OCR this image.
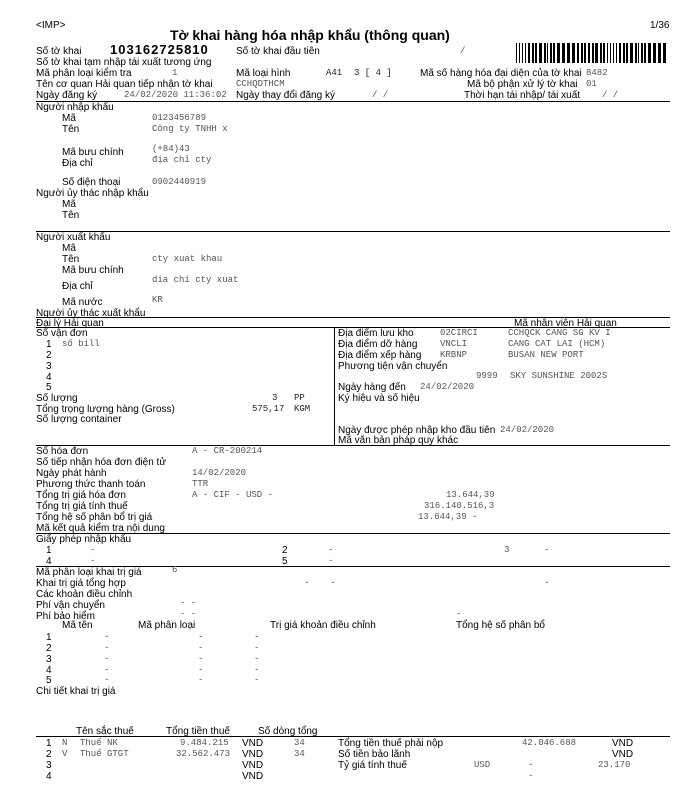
<IMP>	1/36
Tờ khai hàng hóa nhập khẩu (thông quan)
Số tờ khai 103162725810	Số tờ khai đầu tiên	/
Số tờ khai tạm nhập tái xuất tương ứng
Mã phân loại kiểm tra	1	Mã loại hình	A41 3 [ 4 ]	Mã số hàng hóa đại diện của tờ khai 8482
Tên cơ quan Hải quan tiếp nhận tờ khai	CCHQDTHCM	Mã bộ phận xử lý tờ khai 01
Ngày đăng ký	24/02/2020 11:36:02 Ngày thay đổi đăng ký	/ /	Thời hạn tái nhập/ tái xuất / /
Người nhập khẩu
Mã	0123456789
Tên	Công ty TNHH x
Mã bưu chính	(+84)43
Địa chỉ	địa chỉ cty
Số điện thoại	0902440919
Người ủy thác nhập khẩu
Mã
Tên
Người xuất khẩu
Mã
Tên	cty xuat khau
Mã bưu chính
dia chi cty xuat
Địa chỉ
Mã nước	KR
Người ủy thác xuất khẩu
Đại lý Hải quan	Mã nhân viên Hải quan
Số vận đơn
1 số bill
2
3
4
5
Địa điểm lưu kho	02CIRCI	CCHQCK CANG SG KV I
Địa điểm dỡ hàng	VNCLI	CANG CAT LAI (HCM)
Địa điểm xếp hàng KRBNP	BUSAN NEW PORT
Phương tiện vận chuyển
9999 SKY SUNSHINE 2002S
Ngày hàng đến 24/02/2020
Ký hiệu và số hiệu
Số lượng	3 PP
Tổng trọng lượng hàng (Gross)	575,17 KGM
Số lượng container
Ngày được phép nhập kho đầu tiên 24/02/2020
Mã văn bản pháp quy khác
Số hóa đơn	A - CR-200214
Số tiếp nhận hóa đơn điện tử
Ngày phát hành	14/02/2020
Phương thức thanh toán	TTR
Tổng trị giá hóa đơn	A - CIF - USD -	13.644,39
Tổng trị giá tính thuế	316.140.516,3
Tổng hệ số phân bổ trị giá	13.644,39 -
Mã kết quả kiểm tra nội dung
Giấy phép nhập khẩu
1	-	2	-	3	-
4	-	5	-
Mã phân loại khai trị giá	6
Khai trị giá tổng hợp	- -	-
Các khoản điều chỉnh
Phí vận chuyển	- -
Phí bảo hiểm	- -	-
Mã tên	Mã phân loại	Trị giá khoản điều chỉnh	Tổng hệ số phân bổ
1	-	-	-
2	-	-	-
3	-	-	-
4	-	-	-
5	-	-	-
Chi tiết khai trị giá
Tên sắc thuế	Tổng tiền thuế	Số dòng tổng
1 N Thuế NK	9.484.215 VND	34
2 V Thuế GTGT	32.562.473 VND	34
3	VND
4	VND
Tổng tiền thuế phải nộp	42.046.688	VND
Số tiền bảo lãnh	VND
Tỷ giá tính thuế	USD	-	23.170
-
